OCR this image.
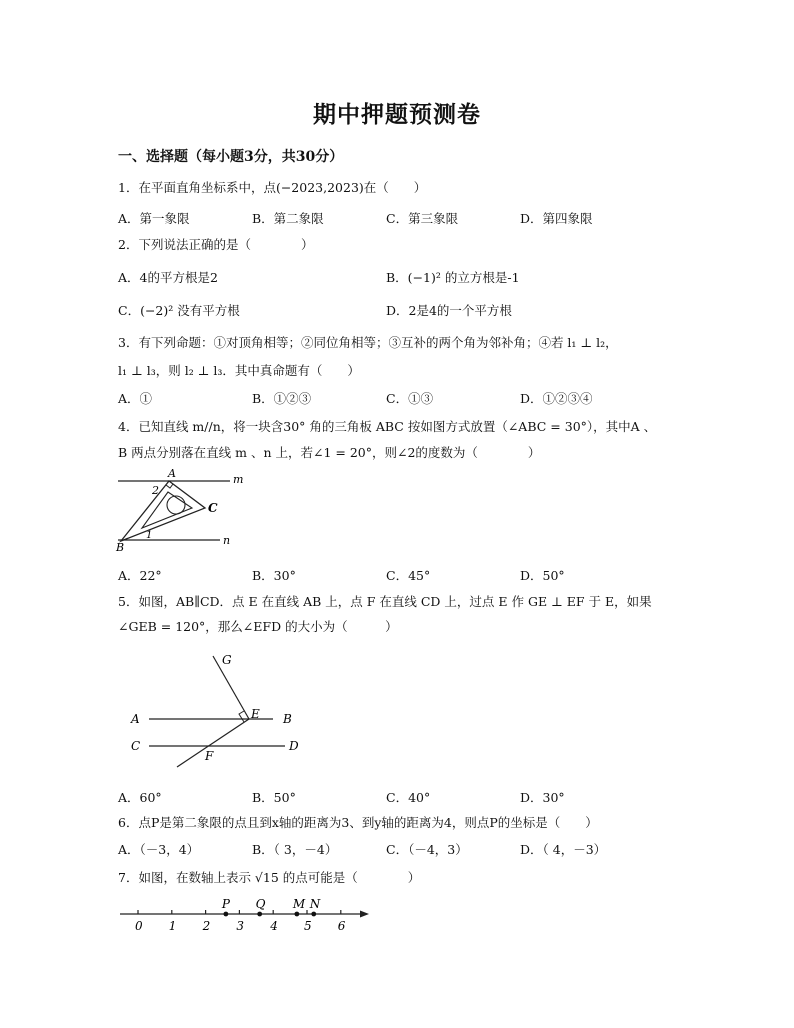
期中押题预测卷
一、选择题（每小题3分，共30分）
1．在平面直角坐标系中，点(−2023,2023)在（　　）
A．第一象限	B．第二象限	C．第三象限	D．第四象限
2．下列说法正确的是（　　　　）
A．4的平方根是2	B．(−1)² 的立方根是-1
C．(−2)² 没有平方根	D．2是4的一个平方根
3．有下列命题：①对顶角相等；②同位角相等；③互补的两个角为邻补角；④若 l₁ ⊥ l₂，
l₁ ⊥ l₃，则 l₂ ⊥ l₃．其中真命题有（　　）
A．①	B．①②③	C．①③	D．①②③④
4．已知直线 m//n，将一块含30° 角的三角板 ABC 按如图方式放置（∠ABC = 30°），其中A 、
B 两点分别落在直线 m 、n 上，若∠1 = 20°，则∠2的度数为（　　　　）
A
2
m
C
B
1	n
A．22°	B．30°	C．45°	D．50°
5．如图，AB∥CD．点 E 在直线 AB 上，点 F 在直线 CD 上，过点 E 作 GE ⊥ EF 于 E，如果
∠GEB = 120°，那么∠EFD 的大小为（　　　）
G
A	E B
C	D
F
A．60°	B．50°	C．40°	D．30°
6．点P是第二象限的点且到x轴的距离为3、到y轴的距离为4，则点P的坐标是（　　）
A．（－3，4）	B．（ 3，－4）	C．（－4，3）	D．（ 4，－3）
7．如图，在数轴上表示 √15 的点可能是（　　　　）
0 1 2 3 4 5 6
P Q M N
